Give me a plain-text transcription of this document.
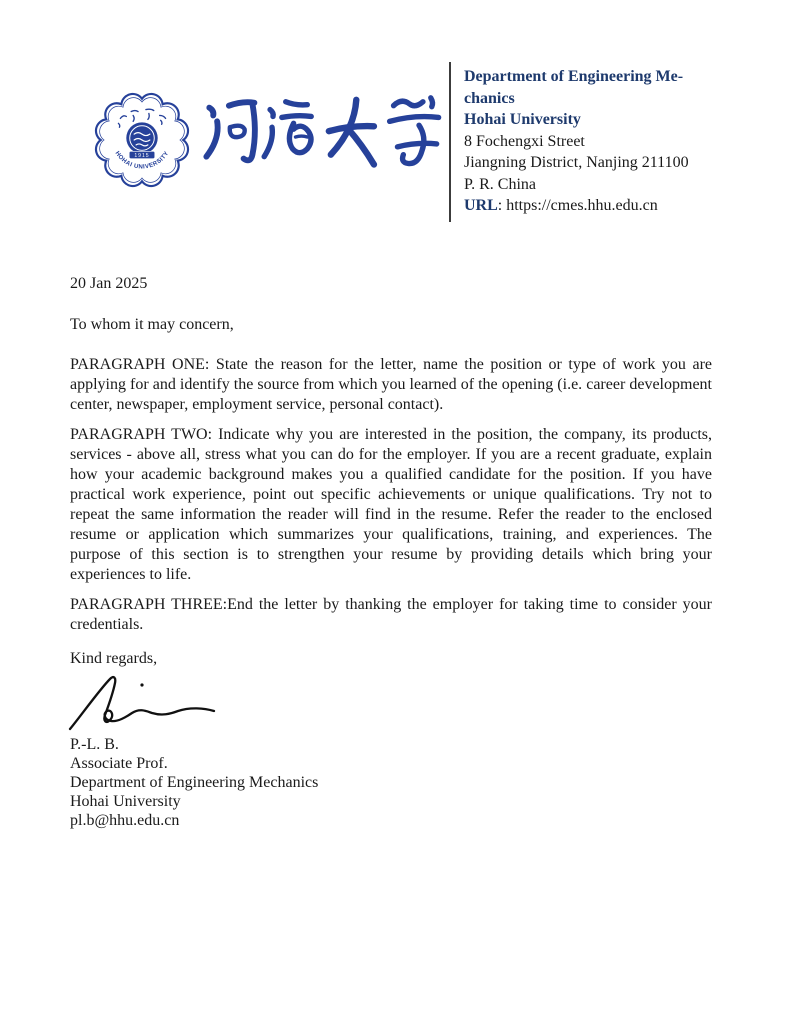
1915
HOHAI UNIVERSITY
Department of Engineering Me-
chanics
Hohai University
8 Fochengxi Street
Jiangning District, Nanjing 211100
P. R. China
URL: https://cmes.hhu.edu.cn

20 Jan 2025

To whom it may concern,

PARAGRAPH ONE: State the reason for the letter, name the position or type of work you are applying for and identify the source from which you learned of the opening (i.e. career development center, newspaper, employment service, personal contact).

PARAGRAPH TWO: Indicate why you are interested in the position, the company, its products, services - above all, stress what you can do for the employer. If you are a recent graduate, explain how your academic background makes you a qualified candidate for the position. If you have practical work experience, point out specific achievements or unique qualifications. Try not to repeat the same information the reader will find in the resume. Refer the reader to the enclosed resume or application which summarizes your qualifications, training, and experiences. The purpose of this section is to strengthen your resume by providing details which bring your experiences to life.

PARAGRAPH THREE:End the letter by thanking the employer for taking time to consider your credentials.

Kind regards,

P.-L. B.
Associate Prof.
Department of Engineering Mechanics
Hohai University
pl.b@hhu.edu.cn
